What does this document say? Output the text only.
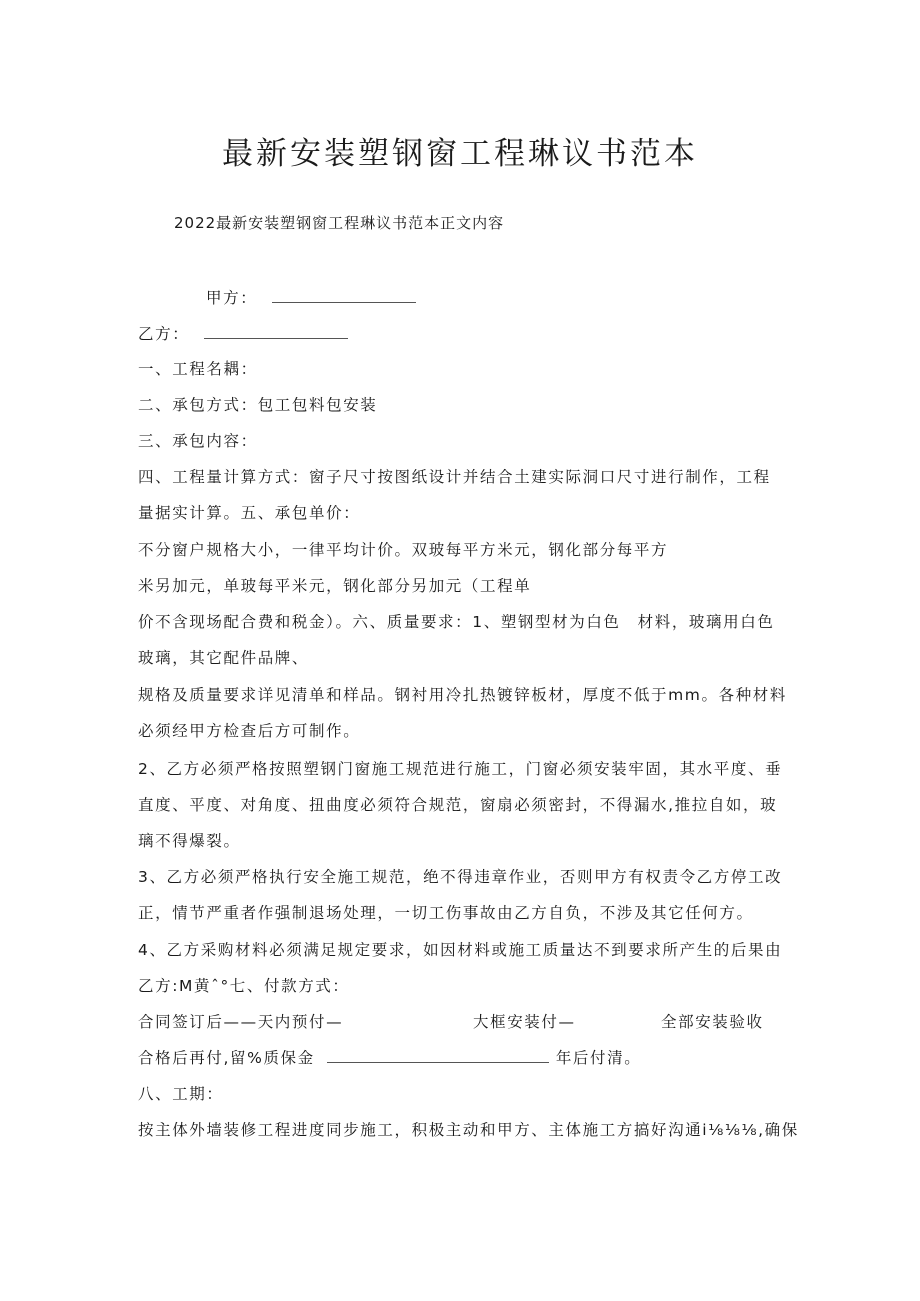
最新安装塑钢窗工程琳议书范本
2022最新安装塑钢窗工程琳议书范本正文内容
甲方：
乙方：
一、工程名耦：
二、承包方式：包工包料包安装
三、承包内容：
四、工程量计算方式：窗子尺寸按图纸设计并结合土建实际洞口尺寸进行制作，工程
量据实计算。五、承包单价：
不分窗户规格大小，一律平均计价。双玻每平方米元，钢化部分每平方
米另加元，单玻每平米元，钢化部分另加元（工程单
价不含现场配合费和税金）。六、质量要求：1、塑钢型材为白色　材料，玻璃用白色
玻璃，其它配件品牌、
规格及质量要求详见清单和样品。钢衬用冷扎热镀锌板材，厚度不低于mm。各种材料
必须经甲方检查后方可制作。
2、乙方必须严格按照塑钢门窗施工规范进行施工，门窗必须安装牢固，其水平度、垂
直度、平度、对角度、扭曲度必须符合规范，窗扇必须密封，不得漏水,推拉自如，玻
璃不得爆裂。
3、乙方必须严格执行安全施工规范，绝不得违章作业，否则甲方有权责令乙方停工改
正，情节严重者作强制退场处理，一切工伤事故由乙方自负，不涉及其它任何方。
4、乙方采购材料必须满足规定要求，如因材料或施工质量达不到要求所产生的后果由
乙方:M黄ˆ°七、付款方式：
合同签订后——天内预付—	大框安装付—	全部安装验收
合格后再付,留%质保金	年后付清。
八、工期：
按主体外墙装修工程进度同步施工，积极主动和甲方、主体施工方搞好沟通i⅛⅛⅛,确保
